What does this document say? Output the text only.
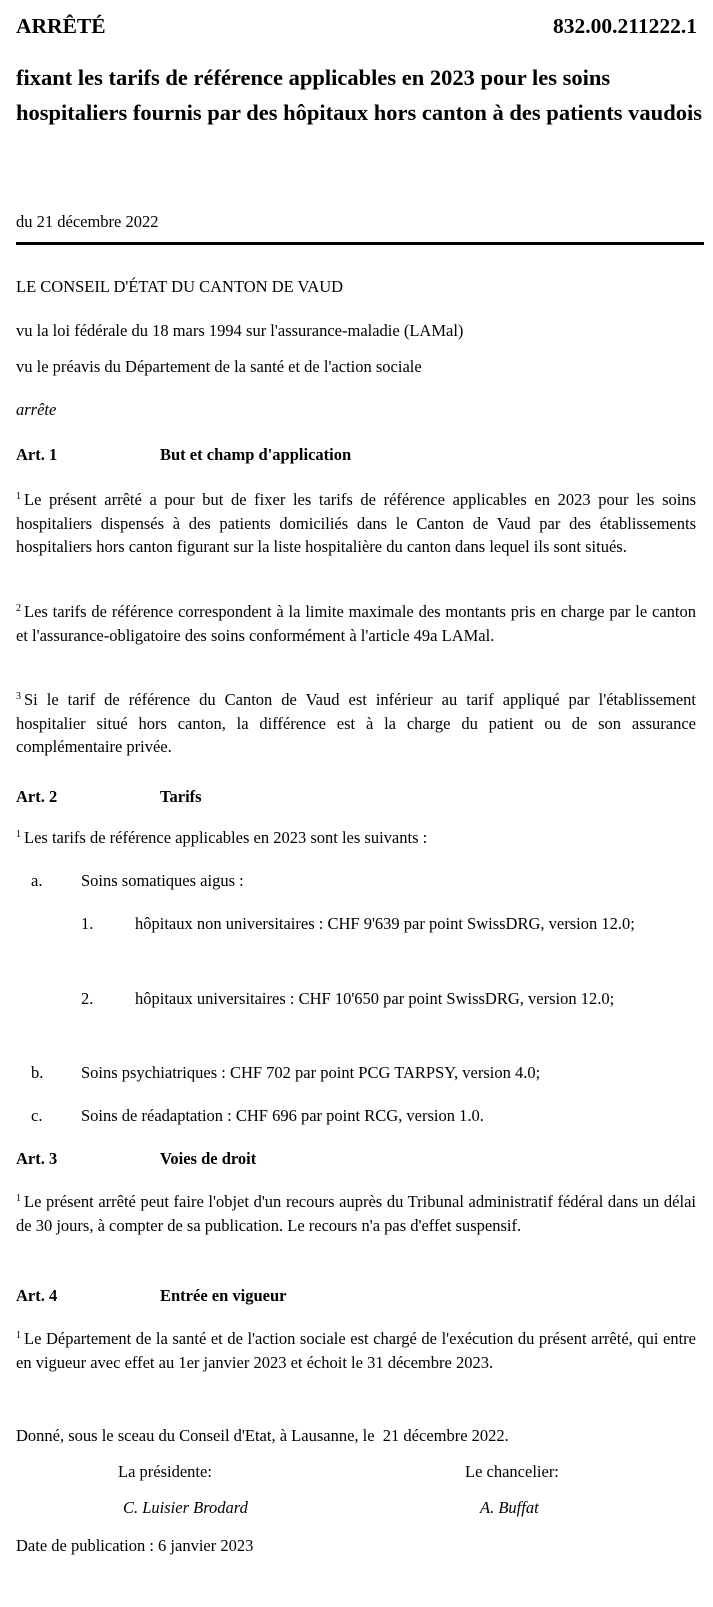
ARRÊTÉ	832.00.211222.1
fixant les tarifs de référence applicables en 2023 pour les soins hospitaliers fournis par des hôpitaux hors canton à des patients vaudois
du 21 décembre 2022
LE CONSEIL D'ÉTAT DU CANTON DE VAUD
vu la loi fédérale du 18 mars 1994 sur l'assurance-maladie (LAMal)
vu le préavis du Département de la santé et de l'action sociale
arrête
Art. 1	But et champ d'application
$^1$ Le présent arrêté a pour but de fixer les tarifs de référence applicables en 2023 pour les soins hospitaliers dispensés à des patients domiciliés dans le Canton de Vaud par des établissements hospitaliers hors canton figurant sur la liste hospitalière du canton dans lequel ils sont situés.
$^2$ Les tarifs de référence correspondent à la limite maximale des montants pris en charge par le canton et l'assurance-obligatoire des soins conformément à l'article 49a LAMal.
$^3$ Si le tarif de référence du Canton de Vaud est inférieur au tarif appliqué par l'établissement hospitalier situé hors canton, la différence est à la charge du patient ou de son assurance complémentaire privée.
Art. 2	Tarifs
$^1$ Les tarifs de référence applicables en 2023 sont les suivants :
a. Soins somatiques aigus :
1.	hôpitaux non universitaires : CHF 9'639 par point SwissDRG, version 12.0;
2.	hôpitaux universitaires : CHF 10'650 par point SwissDRG, version 12.0;
b. Soins psychiatriques : CHF 702 par point PCG TARPSY, version 4.0;
c. Soins de réadaptation : CHF 696 par point RCG, version 1.0.
Art. 3	Voies de droit
$^1$ Le présent arrêté peut faire l'objet d'un recours auprès du Tribunal administratif fédéral dans un délai de 30 jours, à compter de sa publication. Le recours n'a pas d'effet suspensif.
Art. 4	Entrée en vigueur
$^1$ Le Département de la santé et de l'action sociale est chargé de l'exécution du présent arrêté, qui entre en vigueur avec effet au 1er janvier 2023 et échoit le 31 décembre 2023.
Donné, sous le sceau du Conseil d'Etat, à Lausanne, le  21 décembre 2022.
La présidente:	Le chancelier:
C. Luisier Brodard	A. Buffat
Date de publication : 6 janvier 2023
